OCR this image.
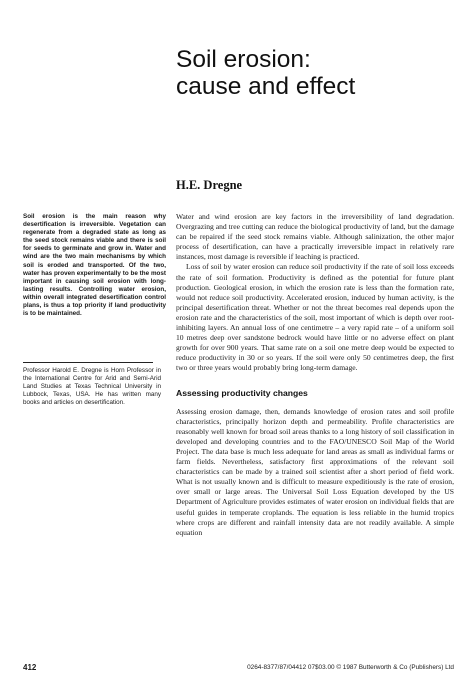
Soil erosion:
cause and effect

H.E. Dregne

Soil erosion is the main reason why desertification is irreversible. Vegetation can regenerate from a degraded state as long as the seed stock remains viable and there is soil for seeds to germinate and grow in. Water and wind are the two main mechanisms by which soil is eroded and transported. Of the two, water has proven experimentally to be the most important in causing soil erosion with long-lasting results. Controlling water erosion, within overall integrated desertification control plans, is thus a top priority if land productivity is to be maintained.

Professor Harold E. Dregne is Horn Professor in the International Centre for Arid and Semi-Arid Land Studies at Texas Technical University in Lubbock, Texas, USA. He has written many books and articles on desertification.

Water and wind erosion are key factors in the irreversibility of land degradation. Overgrazing and tree cutting can reduce the biological productivity of land, but the damage can be repaired if the seed stock remains viable. Although salinization, the other major process of desertification, can have a practically irreversible impact in relatively rare instances, most damage is reversible if leaching is practiced.

Loss of soil by water erosion can reduce soil productivity if the rate of soil loss exceeds the rate of soil formation. Productivity is defined as the potential for future plant production. Geological erosion, in which the erosion rate is less than the formation rate, would not reduce soil productivity. Accelerated erosion, induced by human activity, is the principal desertification threat. Whether or not the threat becomes real depends upon the erosion rate and the characteristics of the soil, most important of which is depth over root-inhibiting layers. An annual loss of one centimetre – a very rapid rate – of a uniform soil 10 metres deep over sandstone bedrock would have little or no adverse effect on plant growth for over 900 years. That same rate on a soil one metre deep would be expected to reduce productivity in 30 or so years. If the soil were only 50 centimetres deep, the first two or three years would probably bring long-term damage.

Assessing productivity changes

Assessing erosion damage, then, demands knowledge of erosion rates and soil profile characteristics, principally horizon depth and permeability. Profile characteristics are reasonably well known for broad soil areas thanks to a long history of soil classification in developed and developing countries and to the FAO/UNESCO Soil Map of the World Project. The data base is much less adequate for land areas as small as individual farms or farm fields. Nevertheless, satisfactory first approximations of the relevant soil characteristics can be made by a trained soil scientist after a short period of field work. What is not usually known and is difficult to measure expeditiously is the rate of erosion, over small or large areas. The Universal Soil Loss Equation developed by the US Department of Agriculture provides estimates of water erosion on individual fields that are useful guides in temperate croplands. The equation is less reliable in the humid tropics where crops are different and rainfall intensity data are not readily available. A simple equation

412	0264-8377/87/04412 07$03.00 © 1987 Butterworth & Co (Publishers) Ltd
